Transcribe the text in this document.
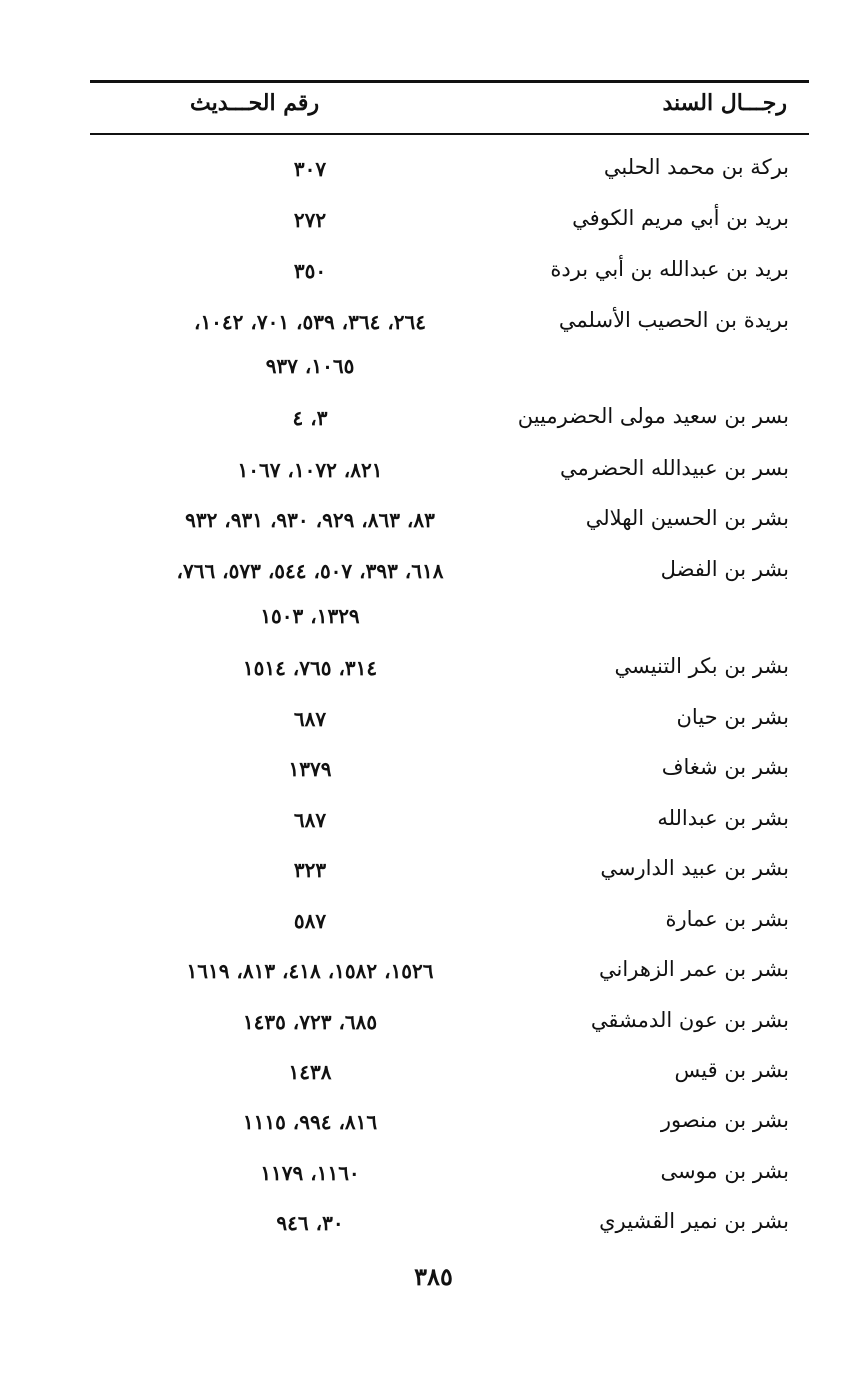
رجـــال السند
رقم الحـــديث
بركة بن محمد الحلبي
٣٠٧
بريد بن أبي مريم الكوفي
٢٧٢
بريد بن عبدالله بن أبي بردة
٣٥٠
بريدة بن الحصيب الأسلمي
٢٦٤، ٣٦٤، ٥٣٩، ٧٠١، ١٠٤٢،
١٠٦٥، ٩٣٧
بسر بن سعيد مولى الحضرميين
٣، ٤
بسر بن عبيدالله الحضرمي
٨٢١، ١٠٧٢، ١٠٦٧
بشر بن الحسين الهلالي
٨٣، ٨٦٣، ٩٢٩، ٩٣٠، ٩٣١، ٩٣٢
بشر بن الفضل
٦١٨، ٣٩٣، ٥٠٧، ٥٤٤، ٥٧٣، ٧٦٦،
١٣٢٩، ١٥٠٣
بشر بن بكر التنيسي
٣١٤، ٧٦٥، ١٥١٤
بشر بن حيان
٦٨٧
بشر بن شغاف
١٣٧٩
بشر بن عبدالله
٦٨٧
بشر بن عبيد الدارسي
٣٢٣
بشر بن عمارة
٥٨٧
بشر بن عمر الزهراني
١٥٢٦، ١٥٨٢، ٤١٨، ٨١٣، ١٦١٩
بشر بن عون الدمشقي
٦٨٥، ٧٢٣، ١٤٣٥
بشر بن قيس
١٤٣٨
بشر بن منصور
٨١٦، ٩٩٤، ١١١٥
بشر بن موسى
١١٦٠، ١١٧٩
بشر بن نمير القشيري
٣٠، ٩٤٦
٣٨٥
